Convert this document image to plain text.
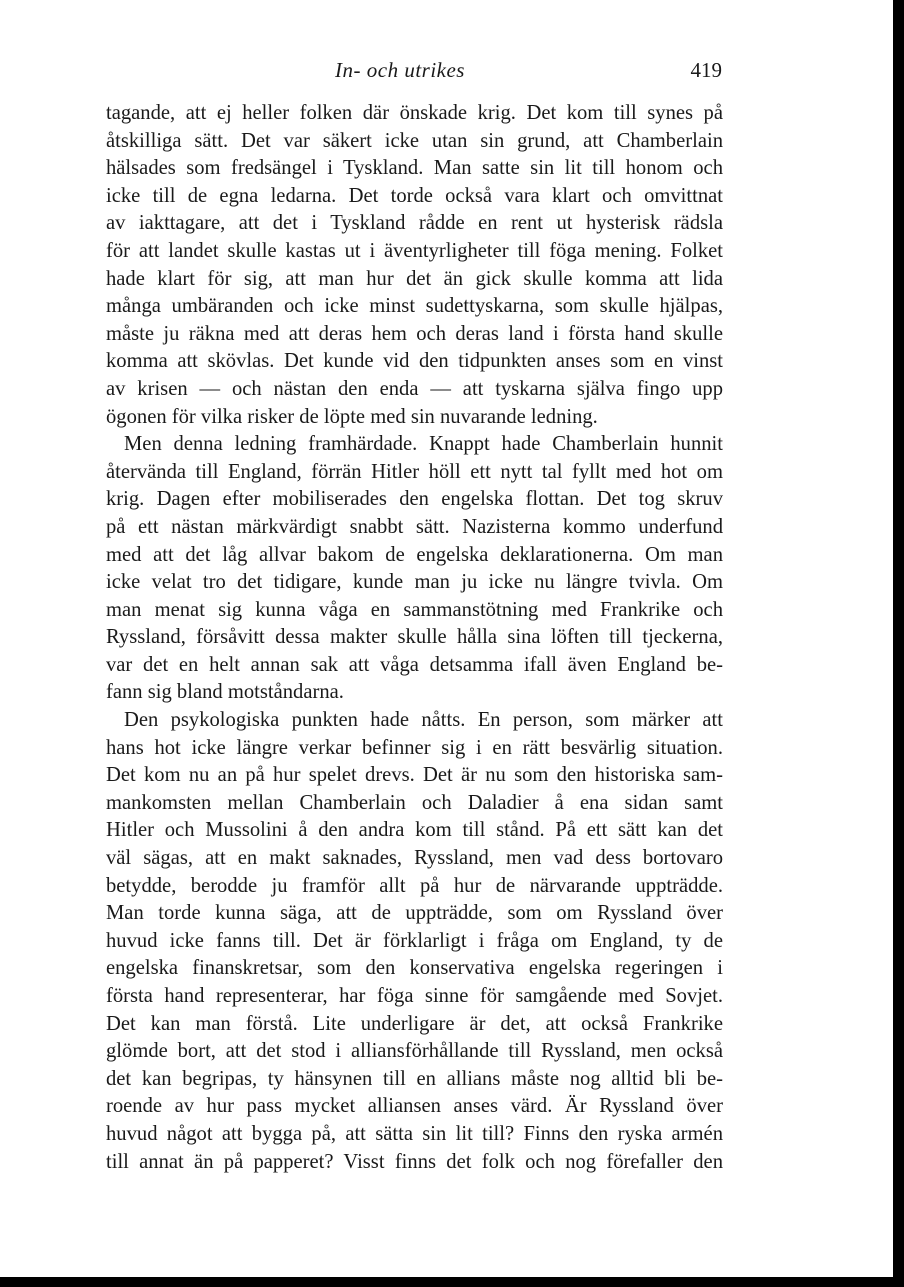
In- och utrikes	419
tagande, att ej heller folken där önskade krig. Det kom till synes på
åtskilliga sätt. Det var säkert icke utan sin grund, att Chamberlain
hälsades som fredsängel i Tyskland. Man satte sin lit till honom och
icke till de egna ledarna. Det torde också vara klart och omvittnat
av iakttagare, att det i Tyskland rådde en rent ut hysterisk rädsla
för att landet skulle kastas ut i äventyrligheter till föga mening. Folket
hade klart för sig, att man hur det än gick skulle komma att lida
många umbäranden och icke minst sudettyskarna, som skulle hjälpas,
måste ju räkna med att deras hem och deras land i första hand skulle
komma att skövlas. Det kunde vid den tidpunkten anses som en vinst
av krisen — och nästan den enda — att tyskarna själva fingo upp
ögonen för vilka risker de löpte med sin nuvarande ledning.
Men denna ledning framhärdade. Knappt hade Chamberlain hunnit
återvända till England, förrän Hitler höll ett nytt tal fyllt med hot om
krig. Dagen efter mobiliserades den engelska flottan. Det tog skruv
på ett nästan märkvärdigt snabbt sätt. Nazisterna kommo underfund
med att det låg allvar bakom de engelska deklarationerna. Om man
icke velat tro det tidigare, kunde man ju icke nu längre tvivla. Om
man menat sig kunna våga en sammanstötning med Frankrike och
Ryssland, försåvitt dessa makter skulle hålla sina löften till tjeckerna,
var det en helt annan sak att våga detsamma ifall även England be-
fann sig bland motståndarna.
Den psykologiska punkten hade nåtts. En person, som märker att
hans hot icke längre verkar befinner sig i en rätt besvärlig situation.
Det kom nu an på hur spelet drevs. Det är nu som den historiska sam-
mankomsten mellan Chamberlain och Daladier å ena sidan samt
Hitler och Mussolini å den andra kom till stånd. På ett sätt kan det
väl sägas, att en makt saknades, Ryssland, men vad dess bortovaro
betydde, berodde ju framför allt på hur de närvarande uppträdde.
Man torde kunna säga, att de uppträdde, som om Ryssland över
huvud icke fanns till. Det är förklarligt i fråga om England, ty de
engelska finanskretsar, som den konservativa engelska regeringen i
första hand representerar, har föga sinne för samgående med Sovjet.
Det kan man förstå. Lite underligare är det, att också Frankrike
glömde bort, att det stod i alliansförhållande till Ryssland, men också
det kan begripas, ty hänsynen till en allians måste nog alltid bli be-
roende av hur pass mycket alliansen anses värd. Är Ryssland över
huvud något att bygga på, att sätta sin lit till? Finns den ryska armén
till annat än på papperet? Visst finns det folk och nog förefaller den
